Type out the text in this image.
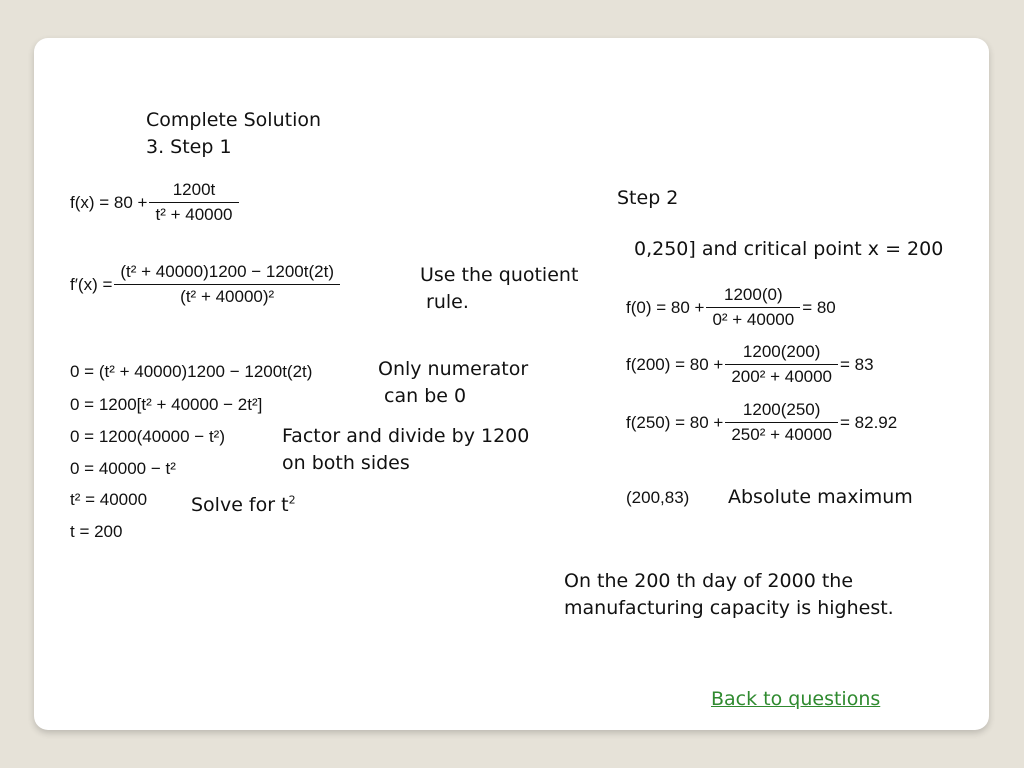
Complete Solution
3. Step 1
$f(x) = 80 + \frac{1200t}{\text{t² + 40000}}$
$f'(x) = \frac{\text{(t² + 40000)1200 − 1200t(2t)}}{\text{(t² + 40000)²}}$	Use the quotient
rule.
0 = (t² + 40000)1200 − 1200t(2t)
0 = 1200[t² + 40000 − 2t²]
0 = 1200(40000 − t²)
0 = 40000 − t²
t² = 40000
t = 200
Only numerator
can be 0
Factor and divide by 1200
on both sides
Solve for $t^2$
Step 2
0,250] and critical point x = 200
$f(0) = 80 + \frac{1200(0)}{\text{0² + 40000}} = 80$
$f(200) = 80 + \frac{1200(200)}{\text{200² + 40000}} = 83$
$f(250) = 80 + \frac{1200(250)}{\text{250² + 40000}} = 82.92$
(200,83) Absolute maximum
On the 200 th day of 2000 the
manufacturing capacity is highest.
Back to questions
